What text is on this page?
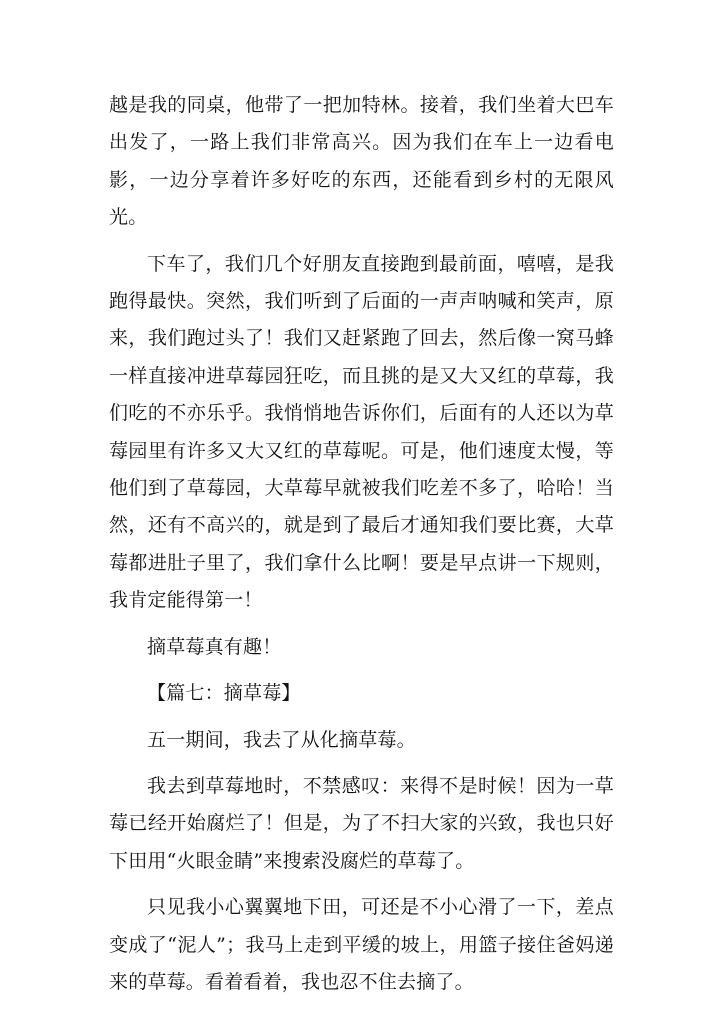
越是我的同桌，他带了一把加特林。接着，我们坐着大巴车出发了，一路上我们非常高兴。因为我们在车上一边看电影，一边分享着许多好吃的东西，还能看到乡村的无限风光。

下车了，我们几个好朋友直接跑到最前面，嘻嘻，是我跑得最快。突然，我们听到了后面的一声声呐喊和笑声，原来，我们跑过头了！我们又赶紧跑了回去，然后像一窝马蜂一样直接冲进草莓园狂吃，而且挑的是又大又红的草莓，我们吃的不亦乐乎。我悄悄地告诉你们，后面有的人还以为草莓园里有许多又大又红的草莓呢。可是，他们速度太慢，等他们到了草莓园，大草莓早就被我们吃差不多了，哈哈！当然，还有不高兴的，就是到了最后才通知我们要比赛，大草莓都进肚子里了，我们拿什么比啊！要是早点讲一下规则，我肯定能得第一！

摘草莓真有趣！

【篇七：摘草莓】

五一期间，我去了从化摘草莓。

我去到草莓地时，不禁感叹：来得不是时候！因为一草莓已经开始腐烂了！但是，为了不扫大家的兴致，我也只好下田用“火眼金睛”来搜索没腐烂的草莓了。

只见我小心翼翼地下田，可还是不小心滑了一下，差点变成了“泥人”；我马上走到平缓的坡上，用篮子接住爸妈递来的草莓。看着看着，我也忍不住去摘了。
